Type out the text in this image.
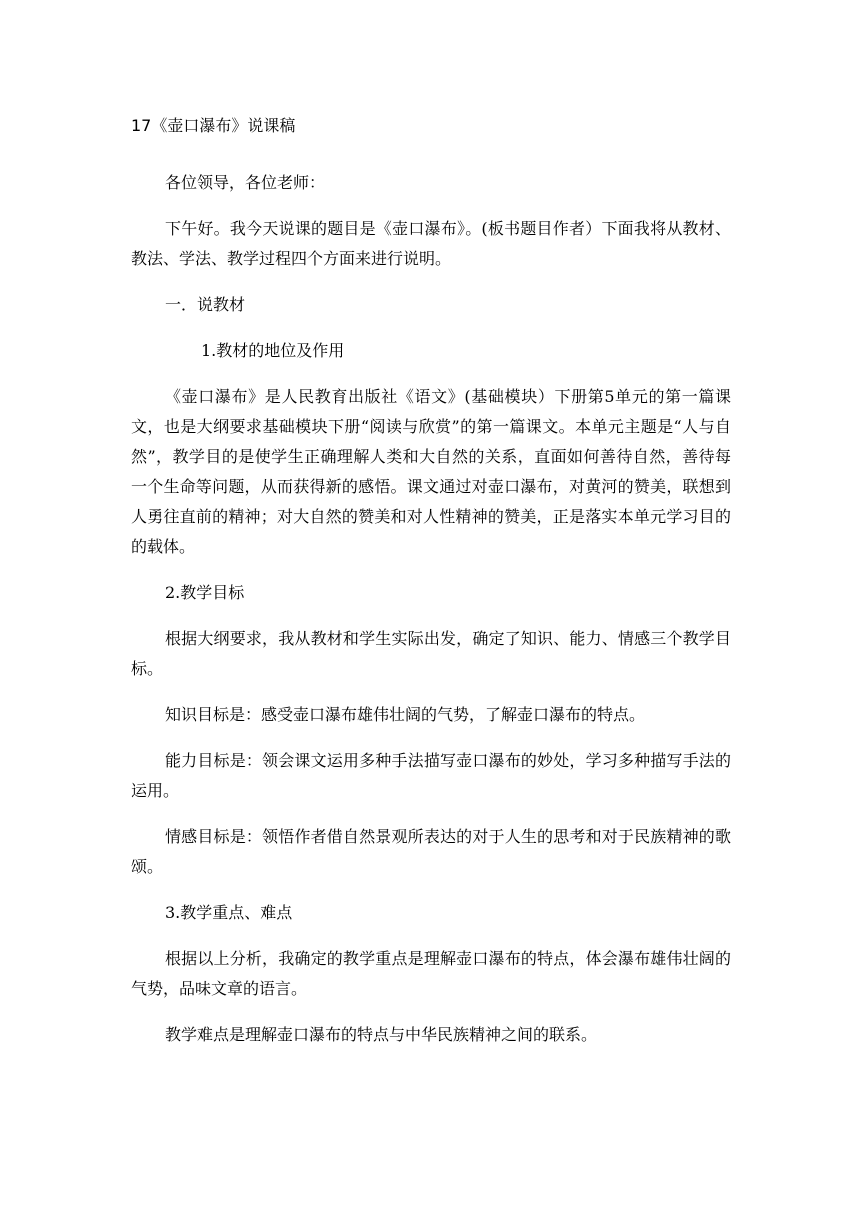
17《壶口瀑布》说课稿

各位领导，各位老师：

下午好。我今天说课的题目是《壶口瀑布》。(板书题目作者）下面我将从教材、教法、学法、教学过程四个方面来进行说明。

一．说教材

1.教材的地位及作用

《壶口瀑布》是人民教育出版社《语文》(基础模块）下册第5单元的第一篇课文，也是大纲要求基础模块下册“阅读与欣赏”的第一篇课文。本单元主题是“人与自然”，教学目的是使学生正确理解人类和大自然的关系，直面如何善待自然，善待每一个生命等问题，从而获得新的感悟。课文通过对壶口瀑布，对黄河的赞美，联想到人勇往直前的精神；对大自然的赞美和对人性精神的赞美，正是落实本单元学习目的的载体。

2.教学目标

根据大纲要求，我从教材和学生实际出发，确定了知识、能力、情感三个教学目标。

知识目标是：感受壶口瀑布雄伟壮阔的气势，了解壶口瀑布的特点。

能力目标是：领会课文运用多种手法描写壶口瀑布的妙处，学习多种描写手法的运用。

情感目标是：领悟作者借自然景观所表达的对于人生的思考和对于民族精神的歌颂。

3.教学重点、难点

根据以上分析，我确定的教学重点是理解壶口瀑布的特点，体会瀑布雄伟壮阔的气势，品味文章的语言。

教学难点是理解壶口瀑布的特点与中华民族精神之间的联系。
